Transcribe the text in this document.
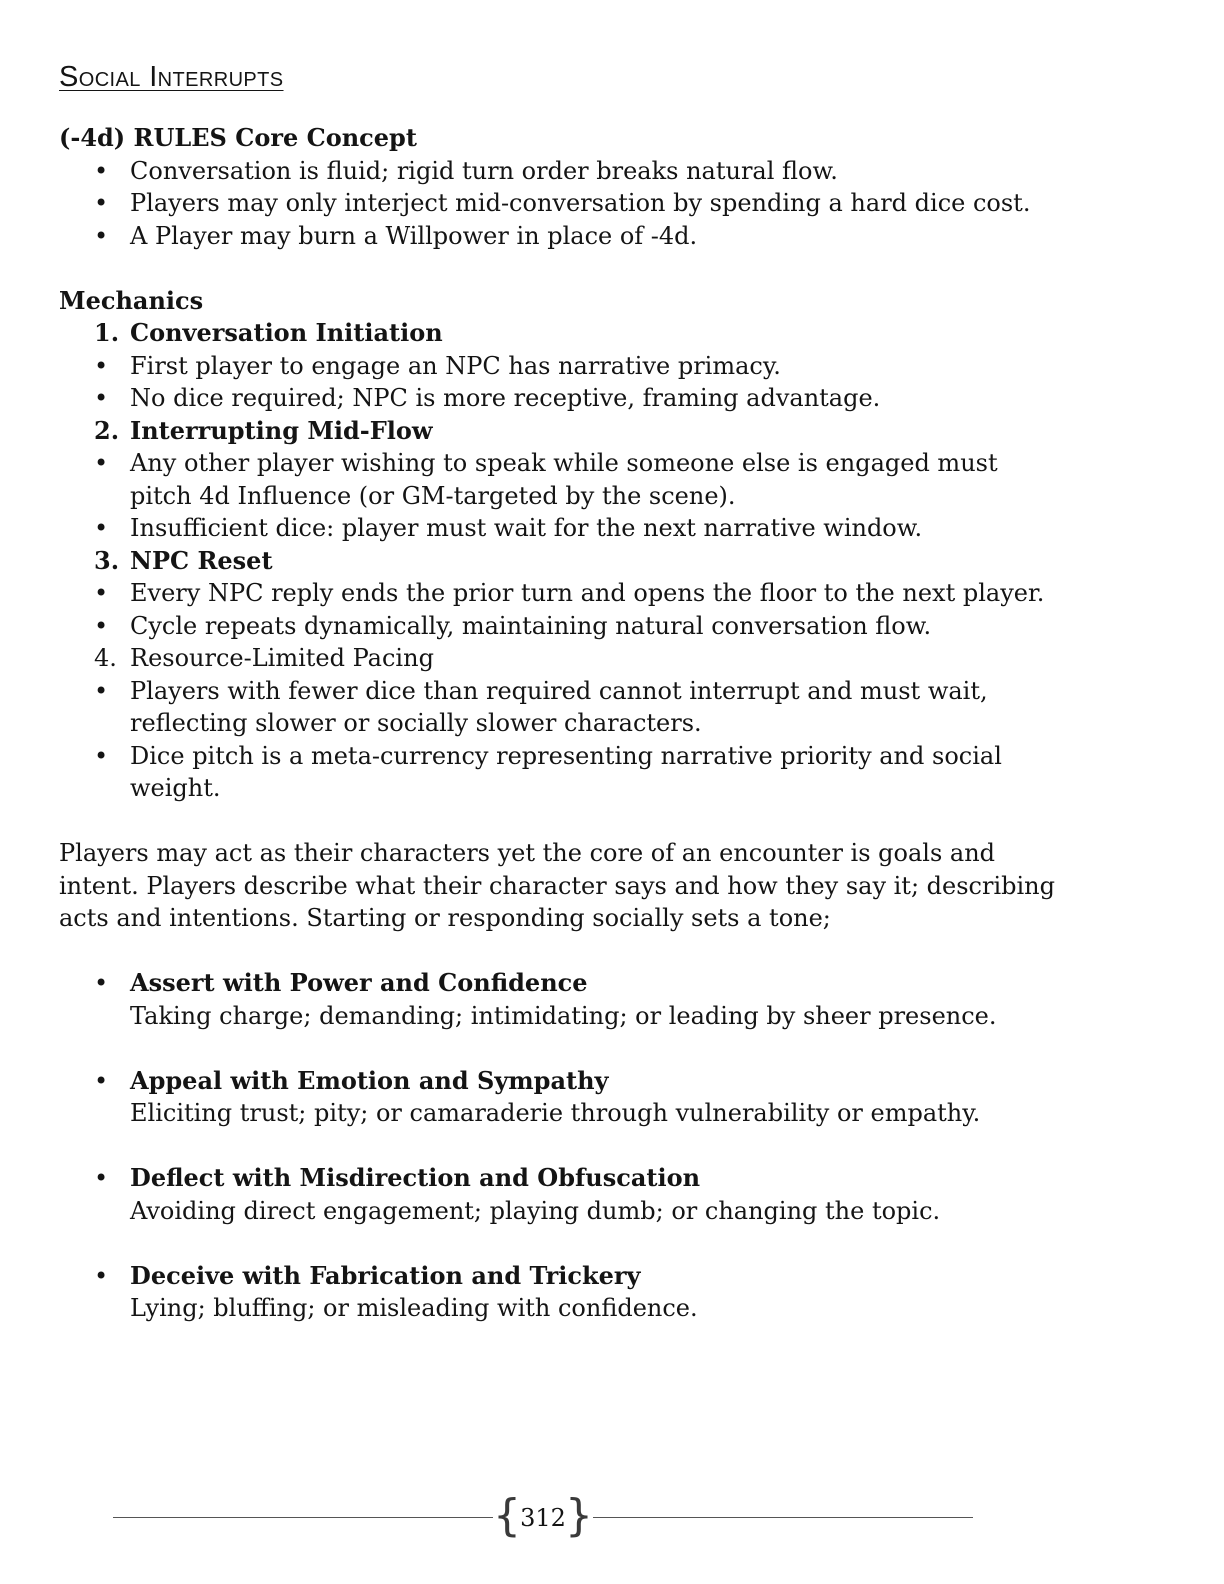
Social Interrupts
(-4d) RULES Core Concept
• Conversation is fluid; rigid turn order breaks natural flow.
• Players may only interject mid-conversation by spending a hard dice cost.
• A Player may burn a Willpower in place of -4d.
Mechanics
1. Conversation Initiation
• First player to engage an NPC has narrative primacy.
• No dice required; NPC is more receptive, framing advantage.
2. Interrupting Mid-Flow
• Any other player wishing to speak while someone else is engaged must
pitch 4d Influence (or GM-targeted by the scene).
• Insufficient dice: player must wait for the next narrative window.
3. NPC Reset
• Every NPC reply ends the prior turn and opens the floor to the next player.
• Cycle repeats dynamically, maintaining natural conversation flow.
4. Resource-Limited Pacing
• Players with fewer dice than required cannot interrupt and must wait,
reflecting slower or socially slower characters.
• Dice pitch is a meta-currency representing narrative priority and social
weight.
Players may act as their characters yet the core of an encounter is goals and
intent. Players describe what their character says and how they say it; describing
acts and intentions. Starting or responding socially sets a tone;
• Assert with Power and Confidence
Taking charge; demanding; intimidating; or leading by sheer presence.
• Appeal with Emotion and Sympathy
Eliciting trust; pity; or camaraderie through vulnerability or empathy.
• Deflect with Misdirection and Obfuscation
Avoiding direct engagement; playing dumb; or changing the topic.
• Deceive with Fabrication and Trickery
Lying; bluffing; or misleading with confidence.
{ 312 }
